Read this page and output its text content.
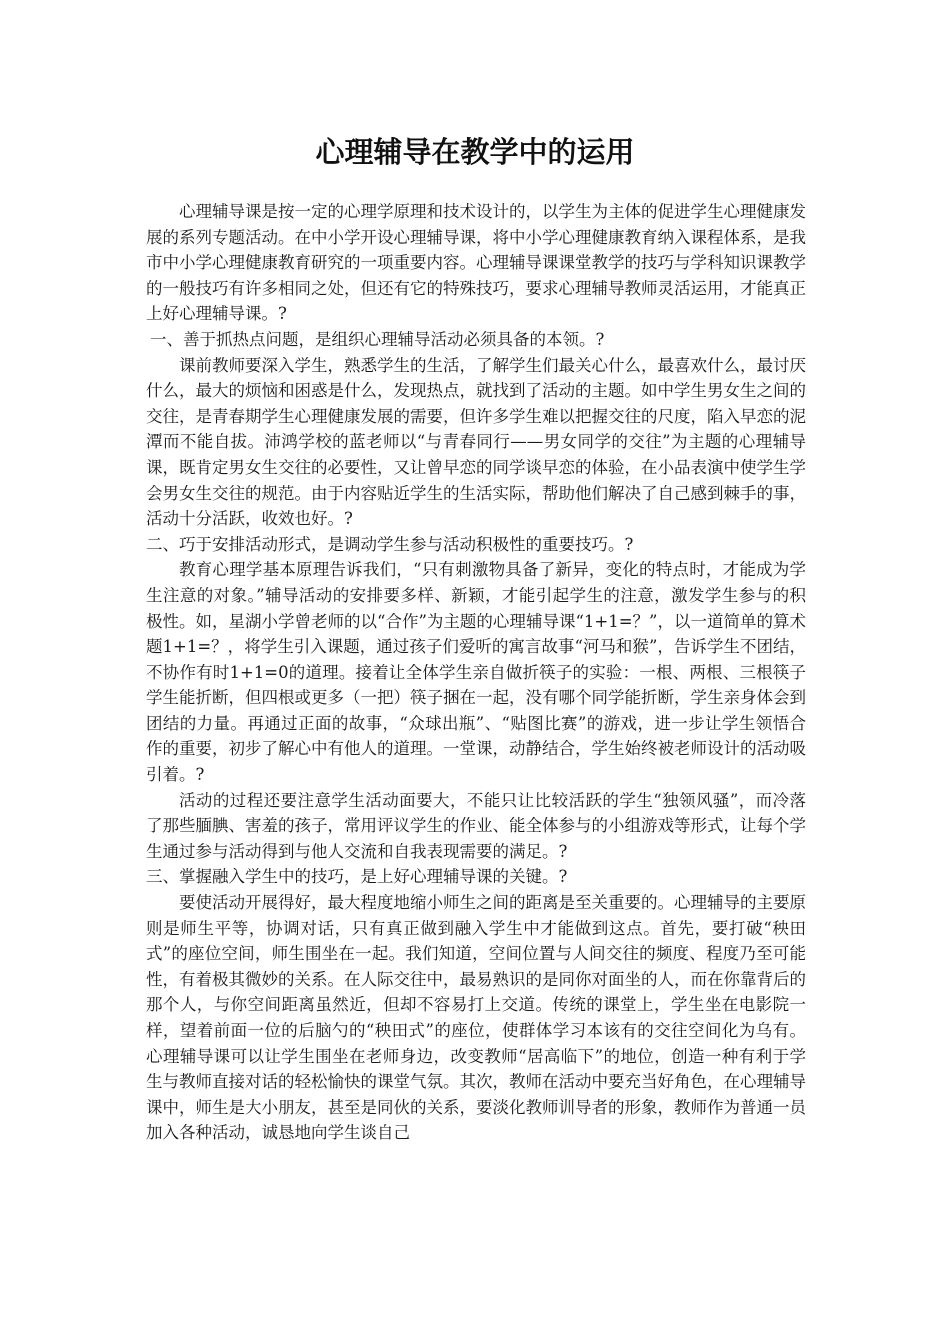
心理辅导在教学中的运用

心理辅导课是按一定的心理学原理和技术设计的，以学生为主体的促进学生心理健康发展的系列专题活动。在中小学开设心理辅导课，将中小学心理健康教育纳入课程体系，是我市中小学心理健康教育研究的一项重要内容。心理辅导课课堂教学的技巧与学科知识课教学的一般技巧有许多相同之处，但还有它的特殊技巧，要求心理辅导教师灵活运用，才能真正上好心理辅导课。?

一、善于抓热点问题，是组织心理辅导活动必须具备的本领。?

课前教师要深入学生，熟悉学生的生活，了解学生们最关心什么，最喜欢什么，最讨厌什么，最大的烦恼和困惑是什么，发现热点，就找到了活动的主题。如中学生男女生之间的交往，是青春期学生心理健康发展的需要，但许多学生难以把握交往的尺度，陷入早恋的泥潭而不能自拔。沛鸿学校的蓝老师以“与青春同行——男女同学的交往”为主题的心理辅导课，既肯定男女生交往的必要性，又让曾早恋的同学谈早恋的体验，在小品表演中使学生学会男女生交往的规范。由于内容贴近学生的生活实际，帮助他们解决了自己感到棘手的事，活动十分活跃，收效也好。?

二、巧于安排活动形式，是调动学生参与活动积极性的重要技巧。?

教育心理学基本原理告诉我们，“只有刺激物具备了新异，变化的特点时，才能成为学生注意的对象。”辅导活动的安排要多样、新颖，才能引起学生的注意，激发学生参与的积极性。如，星湖小学曾老师的以“合作”为主题的心理辅导课“1+1=？”，以一道简单的算术题1+1=？，将学生引入课题，通过孩子们爱听的寓言故事“河马和猴”，告诉学生不团结，不协作有时1+1=0的道理。接着让全体学生亲自做折筷子的实验：一根、两根、三根筷子学生能折断，但四根或更多（一把）筷子捆在一起，没有哪个同学能折断，学生亲身体会到团结的力量。再通过正面的故事，“众球出瓶”、“贴图比赛”的游戏，进一步让学生领悟合作的重要，初步了解心中有他人的道理。一堂课，动静结合，学生始终被老师设计的活动吸引着。?

活动的过程还要注意学生活动面要大，不能只让比较活跃的学生“独领风骚”，而冷落了那些腼腆、害羞的孩子，常用评议学生的作业、能全体参与的小组游戏等形式，让每个学生通过参与活动得到与他人交流和自我表现需要的满足。?

三、掌握融入学生中的技巧，是上好心理辅导课的关键。?

要使活动开展得好，最大程度地缩小师生之间的距离是至关重要的。心理辅导的主要原则是师生平等，协调对话，只有真正做到融入学生中才能做到这点。首先，要打破“秧田式”的座位空间，师生围坐在一起。我们知道，空间位置与人间交往的频度、程度乃至可能性，有着极其微妙的关系。在人际交往中，最易熟识的是同你对面坐的人，而在你靠背后的那个人，与你空间距离虽然近，但却不容易打上交道。传统的课堂上，学生坐在电影院一样，望着前面一位的后脑勺的“秧田式”的座位，使群体学习本该有的交往空间化为乌有。心理辅导课可以让学生围坐在老师身边，改变教师“居高临下”的地位，创造一种有利于学生与教师直接对话的轻松愉快的课堂气氛。其次，教师在活动中要充当好角色，在心理辅导课中，师生是大小朋友，甚至是同伙的关系，要淡化教师训导者的形象，教师作为普通一员加入各种活动，诚恳地向学生谈自己
